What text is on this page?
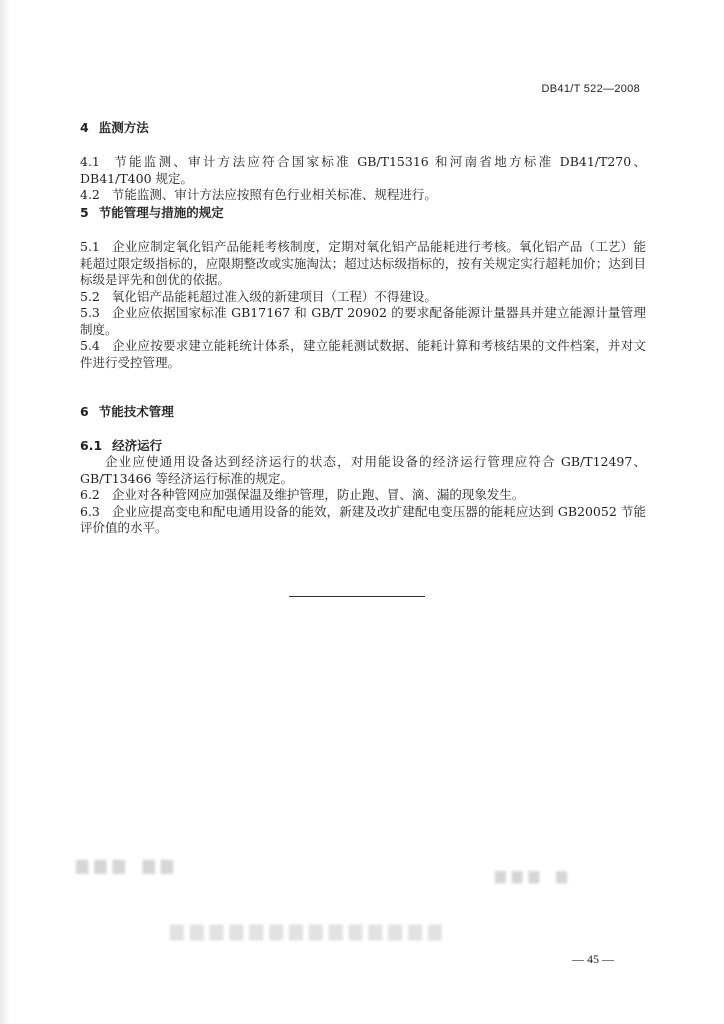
DB41/T 522—2008

4 监测方法

4.1 节能监测、审计方法应符合国家标准 GB/T15316 和河南省地方标准 DB41/T270、DB41/T400 规定。

4.2 节能监测、审计方法应按照有色行业相关标准、规程进行。

5 节能管理与措施的规定

5.1 企业应制定氧化铝产品能耗考核制度，定期对氧化铝产品能耗进行考核。氧化铝产品（工艺）能耗超过限定级指标的，应限期整改或实施淘汰；超过达标级指标的，按有关规定实行超耗加价；达到目标级是评先和创优的依据。

5.2 氧化铝产品能耗超过准入级的新建项目（工程）不得建设。

5.3 企业应依据国家标准 GB17167 和 GB/T 20902 的要求配备能源计量器具并建立能源计量管理制度。

5.4 企业应按要求建立能耗统计体系，建立能耗测试数据、能耗计算和考核结果的文件档案，并对文件进行受控管理。

6 节能技术管理

6.1 经济运行

企业应使通用设备达到经济运行的状态，对用能设备的经济运行管理应符合 GB/T12497、GB/T13466 等经济运行标准的规定。

6.2 企业对各种管网应加强保温及维护管理，防止跑、冒、滴、漏的现象发生。

6.3 企业应提高变电和配电通用设备的能效，新建及改扩建配电变压器的能耗应达到 GB20052 节能评价值的水平。

▆▆▆ ▆▆
▆▆▆ ▆
▆▆▆▆▆▆▆▆▆▆▆▆▆▆
— 45 —
